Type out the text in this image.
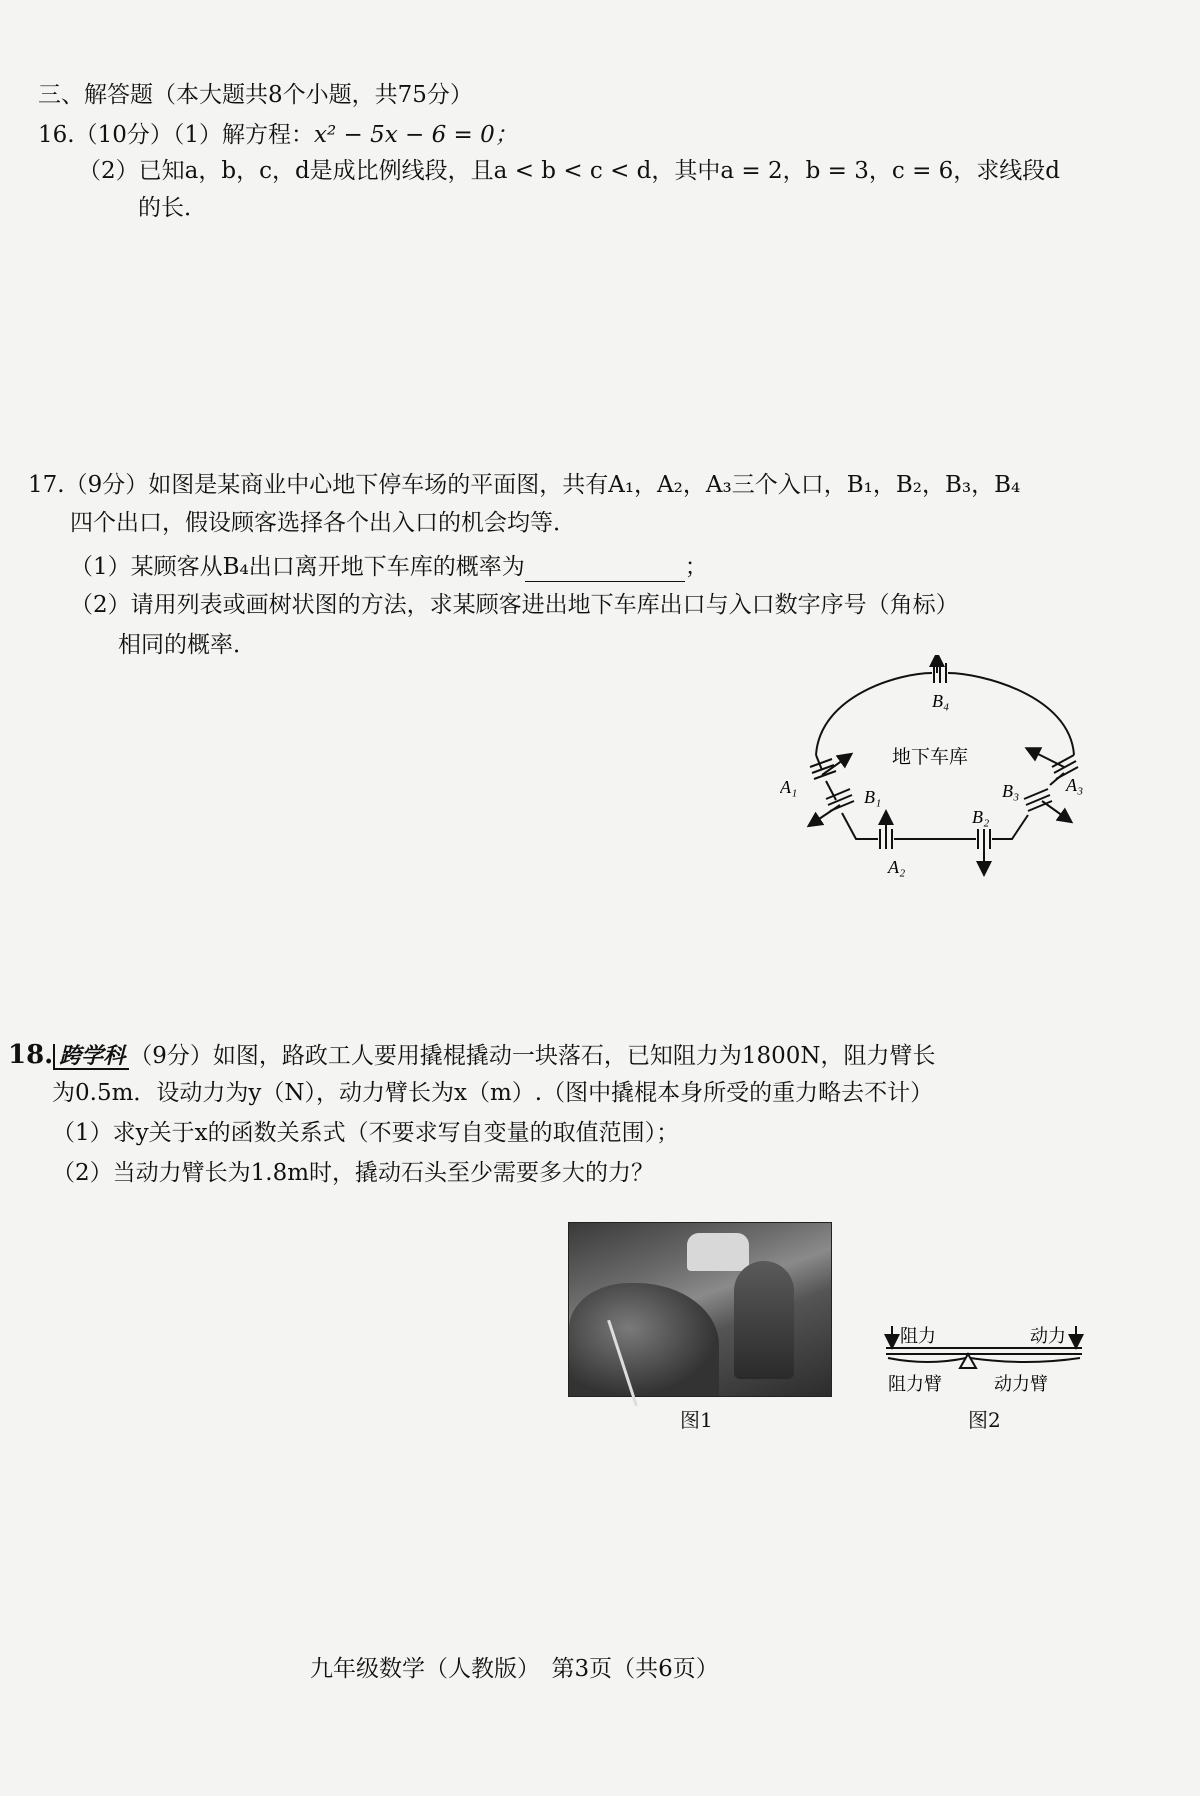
三、解答题（本大题共8个小题，共75分）
16.（10分）（1）解方程：x² − 5x − 6 = 0；
（2）已知a，b，c，d是成比例线段，且a < b < c < d，其中a = 2，b = 3，c = 6，求线段d
的长．
17.（9分）如图是某商业中心地下停车场的平面图，共有A₁，A₂，A₃三个入口，B₁，B₂，B₃，B₄
四个出口，假设顾客选择各个出入口的机会均等．
（1）某顾客从B₄出口离开地下车库的概率为	；
（2）请用列表或画树状图的方法，求某顾客进出地下车库出口与入口数字序号（角标）
相同的概率．
B₄
地下车库
A₁	B₁
A₂
B₂
B₃	A₃
18. 跨学科 （9分）如图，路政工人要用撬棍撬动一块落石，已知阻力为1800N，阻力臂长
为0.5m．设动力为y（N），动力臂长为x（m）.（图中撬棍本身所受的重力略去不计）
（1）求y关于x的函数关系式（不要求写自变量的取值范围）；
（2）当动力臂长为1.8m时，撬动石头至少需要多大的力？
图1
阻力	动力
阻力臂	动力臂
图2
九年级数学（人教版）　第3页（共6页）
